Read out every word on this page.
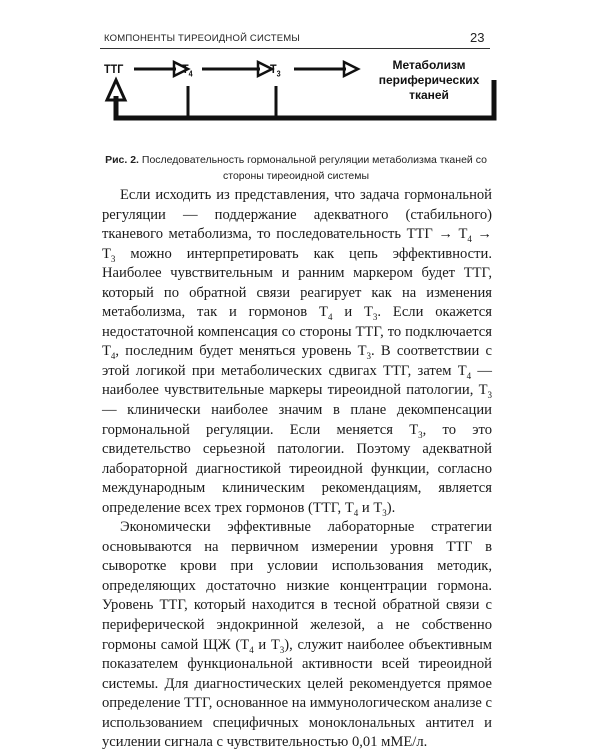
КОМПОНЕНТЫ ТИРЕОИДНОЙ СИСТЕМЫ	23
ТТГ	$T_4$	$T_3$
Метаболизм
периферических тканей
Рис. 2. Последовательность гормональной регуляции метаболизма тканей со стороны тиреоидной системы

Если исходить из представления, что задача гормональной регуляции — поддержание адекватного (стабильного) тканевого метаболизма, то последовательность ТТГ → $Т_4 \to Т_3$ можно интерпретировать как цепь эффективности. Наиболее чувствительным и ранним маркером будет ТТГ, который по обратной связи реагирует как на изменения метаболизма, так и гормонов $Т_4$ и $Т_3$. Если окажется недостаточной компенсация со стороны ТТГ, то подключается $Т_4$, последним будет меняться уровень $Т_3$. В соответствии с этой логикой при метаболических сдвигах ТТГ, затем $Т_4$ — наиболее чувствительные маркеры тиреоидной патологии, $Т_3$ — клинически наиболее значим в плане декомпенсации гормональной регуляции. Если меняется $Т_3$, то это свидетельство серьезной патологии. Поэтому адекватной лабораторной диагностикой тиреоидной функции, согласно международным клиническим рекомендациям, является определение всех трех гормонов (ТТГ, $Т_4$ и $Т_3$).

Экономически эффективные лабораторные стратегии основываются на первичном измерении уровня ТТГ в сыворотке крови при условии использования методик, определяющих достаточно низкие концентрации гормона. Уровень ТТГ, который находится в тесной обратной связи с периферической эндокринной железой, а не собственно гормоны самой ЩЖ ($Т_4$ и $Т_3$), служит наиболее объективным показателем функциональной активности всей тиреоидной системы. Для диагностических целей рекомендуется прямое определение ТТГ, основанное на иммунологическом анализе с использованием специфичных моноклональных антител и усилении сигнала с чувствительностью 0,01 мМЕ/л.
